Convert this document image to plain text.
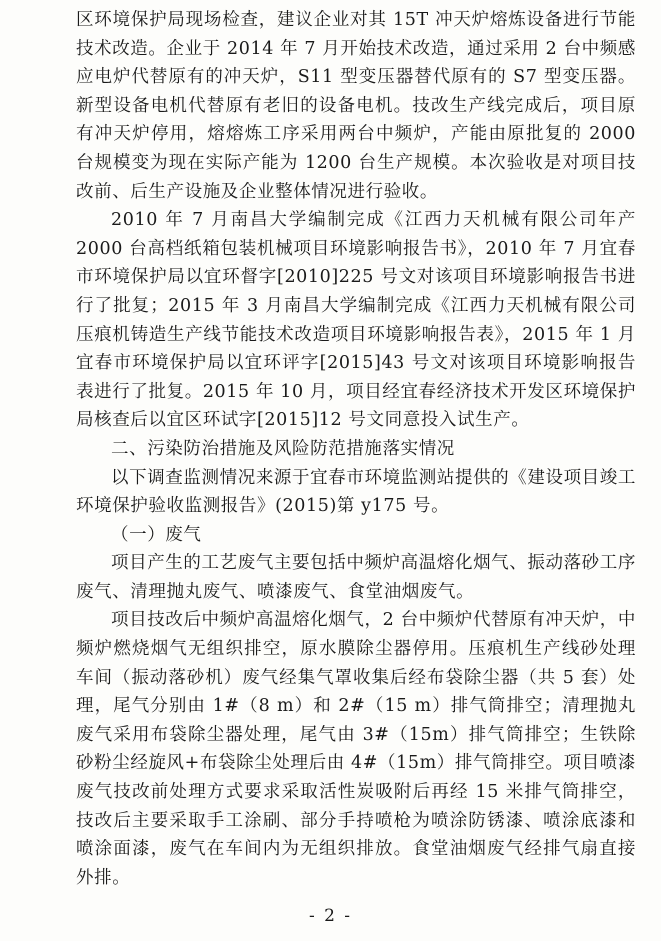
区环境保护局现场检查，建议企业对其 15T 冲天炉熔炼设备进行节能技术改造。企业于 2014 年 7 月开始技术改造，通过采用 2 台中频感应电炉代替原有的冲天炉，S11 型变压器替代原有的 S7 型变压器。新型设备电机代替原有老旧的设备电机。技改生产线完成后，项目原有冲天炉停用，熔熔炼工序采用两台中频炉，产能由原批复的 2000 台规模变为现在实际产能为 1200 台生产规模。本次验收是对项目技改前、后生产设施及企业整体情况进行验收。

2010 年 7 月南昌大学编制完成《江西力天机械有限公司年产 2000 台高档纸箱包装机械项目环境影响报告书》，2010 年 7 月宜春市环境保护局以宜环督字[2010]225 号文对该项目环境影响报告书进行了批复；2015 年 3 月南昌大学编制完成《江西力天机械有限公司压痕机铸造生产线节能技术改造项目环境影响报告表》，2015 年 1 月宜春市环境保护局以宜环评字[2015]43 号文对该项目环境影响报告表进行了批复。2015 年 10 月，项目经宜春经济技术开发区环境保护局核查后以宜区环试字[2015]12 号文同意投入试生产。

二、污染防治措施及风险防范措施落实情况

以下调查监测情况来源于宜春市环境监测站提供的《建设项目竣工环境保护验收监测报告》(2015)第 y175 号。

（一）废气

项目产生的工艺废气主要包括中频炉高温熔化烟气、振动落砂工序废气、清理抛丸废气、喷漆废气、食堂油烟废气。

项目技改后中频炉高温熔化烟气，2 台中频炉代替原有冲天炉，中频炉燃烧烟气无组织排空，原水膜除尘器停用。压痕机生产线砂处理车间（振动落砂机）废气经集气罩收集后经布袋除尘器（共 5 套）处理，尾气分别由 1#（8 m）和 2#（15 m）排气筒排空；清理抛丸废气采用布袋除尘器处理，尾气由 3#（15m）排气筒排空；生铁除砂粉尘经旋风+布袋除尘处理后由 4#（15m）排气筒排空。项目喷漆废气技改前处理方式要求采取活性炭吸附后再经 15 米排气筒排空，技改后主要采取手工涂刷、部分手持喷枪为喷涂防锈漆、喷涂底漆和喷涂面漆，废气在车间内为无组织排放。食堂油烟废气经排气扇直接外排。

- 2 -
